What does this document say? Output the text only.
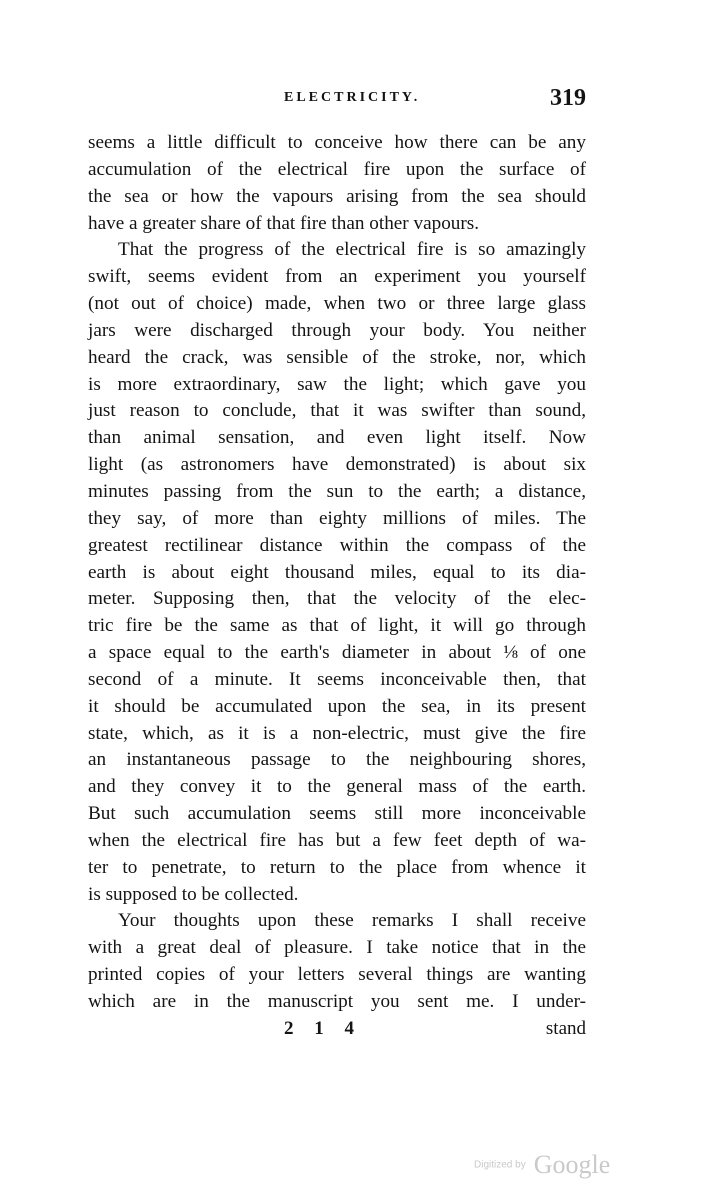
ELECTRICITY.	319
seems a little difficult to conceive how there can be any
accumulation of the electrical fire upon the surface of
the sea or how the vapours arising from the sea should
have a greater share of that fire than other vapours.
That the progress of the electrical fire is so amazingly
swift, seems evident from an experiment you yourself
(not out of choice) made, when two or three large glass
jars were discharged through your body. You neither
heard the crack, was sensible of the stroke, nor, which
is more extraordinary, saw the light; which gave you
just reason to conclude, that it was swifter than sound,
than animal sensation, and even light itself. Now
light (as astronomers have demonstrated) is about six
minutes passing from the sun to the earth; a distance,
they say, of more than eighty millions of miles. The
greatest rectilinear distance within the compass of the
earth is about eight thousand miles, equal to its dia-
meter. Supposing then, that the velocity of the elec-
tric fire be the same as that of light, it will go through
a space equal to the earth's diameter in about ⅛ of one
second of a minute. It seems inconceivable then, that
it should be accumulated upon the sea, in its present
state, which, as it is a non-electric, must give the fire
an instantaneous passage to the neighbouring shores,
and they convey it to the general mass of the earth.
But such accumulation seems still more inconceivable
when the electrical fire has but a few feet depth of wa-
ter to penetrate, to return to the place from whence it
is supposed to be collected.
Your thoughts upon these remarks I shall receive
with a great deal of pleasure. I take notice that in the
printed copies of your letters several things are wanting
which are in the manuscript you sent me. I under-
2 1 4	stand
Digitized by Google
